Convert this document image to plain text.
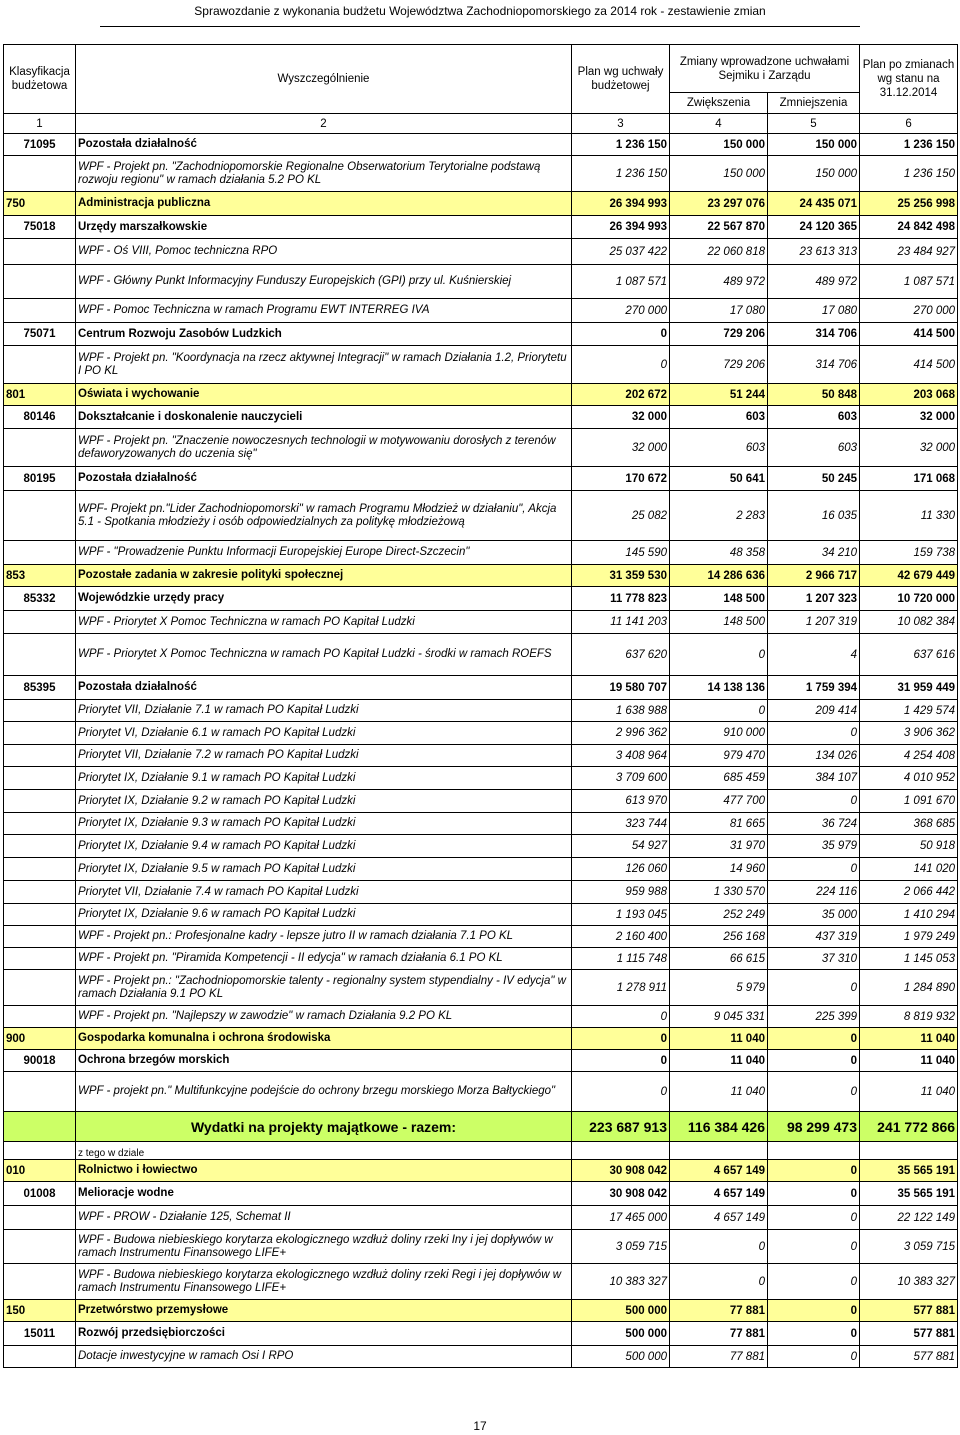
Sprawozdanie z wykonania budżetu Województwa Zachodniopomorskiego za 2014 rok - zestawienie zmian
Klasyfikacja budżetowa	Wyszczególnienie	Plan wg uchwały budżetowej	Zmiany wprowadzone uchwałami Sejmiku i Zarządu		Plan po zmianach wg stanu na 31.12.2014
			Zwiększenia	Zmniejszenia	
1	2	3	4	5	6
71095	Pozostała działalność	1 236 150	150 000	150 000	1 236 150
	WPF - Projekt pn. "Zachodniopomorskie Regionalne Obserwatorium Terytorialne podstawą rozwoju regionu" w ramach działania 5.2 PO KL	1 236 150	150 000	150 000	1 236 150
750	Administracja publiczna	26 394 993	23 297 076	24 435 071	25 256 998
75018	Urzędy marszałkowskie	26 394 993	22 567 870	24 120 365	24 842 498
	WPF - Oś VIII, Pomoc techniczna RPO	25 037 422	22 060 818	23 613 313	23 484 927
	WPF - Główny Punkt Informacyjny Funduszy Europejskich (GPI) przy ul. Kuśnierskiej	1 087 571	489 972	489 972	1 087 571
	WPF - Pomoc Techniczna w ramach Programu EWT INTERREG IVA	270 000	17 080	17 080	270 000
75071	Centrum Rozwoju Zasobów Ludzkich	0	729 206	314 706	414 500
	WPF - Projekt pn. "Koordynacja na rzecz aktywnej Integracji" w ramach Działania 1.2, Priorytetu I PO KL	0	729 206	314 706	414 500
801	Oświata i wychowanie	202 672	51 244	50 848	203 068
80146	Dokształcanie i doskonalenie nauczycieli	32 000	603	603	32 000
	WPF - Projekt pn. "Znaczenie nowoczesnych technologii w motywowaniu dorosłych z terenów defaworyzowanych do uczenia się"	32 000	603	603	32 000
80195	Pozostała działalność	170 672	50 641	50 245	171 068
	WPF- Projekt pn."Lider Zachodniopomorski" w ramach Programu Młodzież w działaniu", Akcja 5.1 - Spotkania młodzieży i osób odpowiedzialnych za politykę młodzieżową	25 082	2 283	16 035	11 330
	WPF - "Prowadzenie Punktu Informacji Europejskiej Europe Direct-Szczecin"	145 590	48 358	34 210	159 738
853	Pozostałe zadania w zakresie polityki społecznej	31 359 530	14 286 636	2 966 717	42 679 449
85332	Wojewódzkie urzędy pracy	11 778 823	148 500	1 207 323	10 720 000
	WPF - Priorytet X Pomoc Techniczna w ramach PO Kapitał Ludzki	11 141 203	148 500	1 207 319	10 082 384
	WPF - Priorytet X Pomoc Techniczna w ramach PO Kapitał Ludzki - środki w ramach ROEFS	637 620	0	4	637 616
85395	Pozostała działalność	19 580 707	14 138 136	1 759 394	31 959 449
	Priorytet VII, Działanie 7.1 w ramach PO Kapitał Ludzki	1 638 988	0	209 414	1 429 574
	Priorytet VI, Działanie 6.1 w ramach PO Kapitał Ludzki	2 996 362	910 000	0	3 906 362
	Priorytet VII, Działanie 7.2 w ramach PO Kapitał Ludzki	3 408 964	979 470	134 026	4 254 408
	Priorytet IX, Działanie 9.1 w ramach PO Kapitał Ludzki	3 709 600	685 459	384 107	4 010 952
	Priorytet IX, Działanie 9.2 w ramach PO Kapitał Ludzki	613 970	477 700	0	1 091 670
	Priorytet IX, Działanie 9.3 w ramach PO Kapitał Ludzki	323 744	81 665	36 724	368 685
	Priorytet IX, Działanie 9.4 w ramach PO Kapitał Ludzki	54 927	31 970	35 979	50 918
	Priorytet IX, Działanie 9.5 w ramach PO Kapitał Ludzki	126 060	14 960	0	141 020
	Priorytet VII, Działanie 7.4 w ramach PO Kapitał Ludzki	959 988	1 330 570	224 116	2 066 442
	Priorytet IX, Działanie 9.6 w ramach PO Kapitał Ludzki	1 193 045	252 249	35 000	1 410 294
	WPF - Projekt pn.: Profesjonalne kadry - lepsze jutro II w ramach działania 7.1 PO KL	2 160 400	256 168	437 319	1 979 249
	WPF - Projekt pn. "Piramida Kompetencji - II edycja" w ramach działania 6.1 PO KL	1 115 748	66 615	37 310	1 145 053
	WPF - Projekt pn.: "Zachodniopomorskie talenty - regionalny system stypendialny - IV edycja" w ramach Działania 9.1 PO KL	1 278 911	5 979	0	1 284 890
	WPF - Projekt pn. "Najlepszy w zawodzie" w ramach Działania 9.2 PO KL	0	9 045 331	225 399	8 819 932
900	Gospodarka komunalna i ochrona środowiska	0	11 040	0	11 040
90018	Ochrona brzegów morskich	0	11 040	0	11 040
	WPF - projekt pn." Multifunkcyjne podejście do ochrony brzegu morskiego Morza Bałtyckiego"	0	11 040	0	11 040
	Wydatki na projekty majątkowe - razem:	223 687 913	116 384 426	98 299 473	241 772 866
	z tego w dziale				
010	Rolnictwo i łowiectwo	30 908 042	4 657 149	0	35 565 191
01008	Melioracje wodne	30 908 042	4 657 149	0	35 565 191
	WPF - PROW - Działanie 125, Schemat II	17 465 000	4 657 149	0	22 122 149
	WPF - Budowa niebieskiego korytarza ekologicznego wzdłuż doliny rzeki Iny i jej dopływów w ramach Instrumentu Finansowego LIFE+	3 059 715	0	0	3 059 715
	WPF - Budowa niebieskiego korytarza ekologicznego wzdłuż doliny rzeki Regi i jej dopływów w ramach Instrumentu Finansowego LIFE+	10 383 327	0	0	10 383 327
150	Przetwórstwo przemysłowe	500 000	77 881	0	577 881
15011	Rozwój przedsiębiorczości	500 000	77 881	0	577 881
	Dotacje inwestycyjne w ramach Osi I RPO	500 000	77 881	0	577 881
17
